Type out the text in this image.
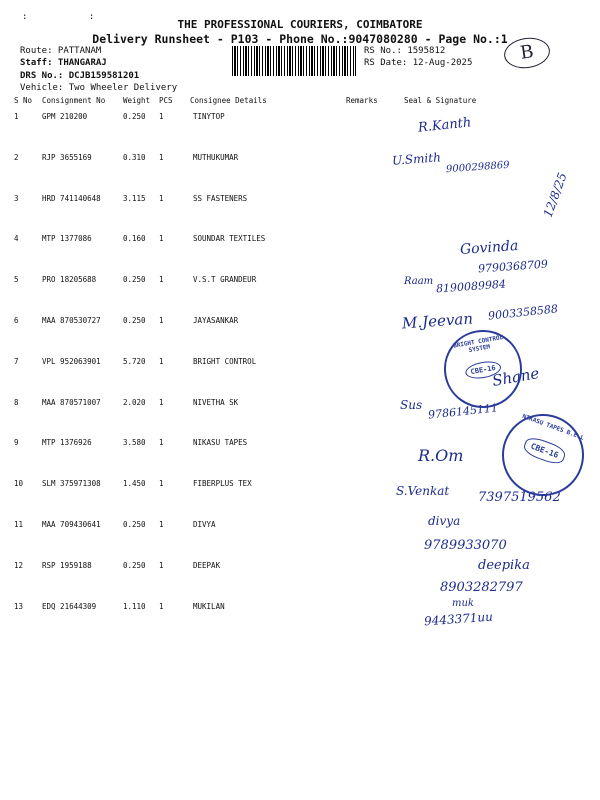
: :
THE PROFESSIONAL COURIERS, COIMBATORE
Delivery Runsheet - P103 - Phone No.:9047080280 - Page No.:1
Route: PATTANAM
Staff: THANGARAJ
DRS No.: DCJB159581201
Vehicle: Two Wheeler Delivery
RS No.: 1595812
RS Date: 12-Aug-2025	B
S No Consignment No Weight PCS Consignee Details	Remarks	Seal & Signature
1	GPM 210200	0.250 1	TINYTOP
2	RJP 3655169	0.310 1	MUTHUKUMAR
3	HRD 741140648	3.115 1	SS FASTENERS
4	MTP 1377086	0.160 1	SOUNDAR TEXTILES
5	PRO 18205688	0.250 1	V.S.T GRANDEUR
6	MAA 870530727	0.250 1	JAYASANKAR
7	VPL 952063901	5.720 1	BRIGHT CONTROL
8	MAA 870571007	2.020 1	NIVETHA SK
9	MTP 1376926	3.580 1	NIKASU TAPES
10	SLM 375971308	1.450 1	FIBERPLUS TEX
11	MAA 709430641	0.250 1	DIVYA
12	RSP 1959188	0.250 1	DEEPAK
13	EDQ 21644309	1.110 1	MUKILAN
R.Kanth
U.Smith 9000298869
12/8/25
Govinda
9790368709
Raam 8190089984
M.Jeevan 9003358588
Shane
Sus 9786145111
R.Om
S.Venkat 7397519562
divya
9789933070
deepika
8903282797
muk
9443371uu
BRIGHT CONTROL SYSTEM
CBE-16
NIKASU TAPES B.E.L
CBE-16
